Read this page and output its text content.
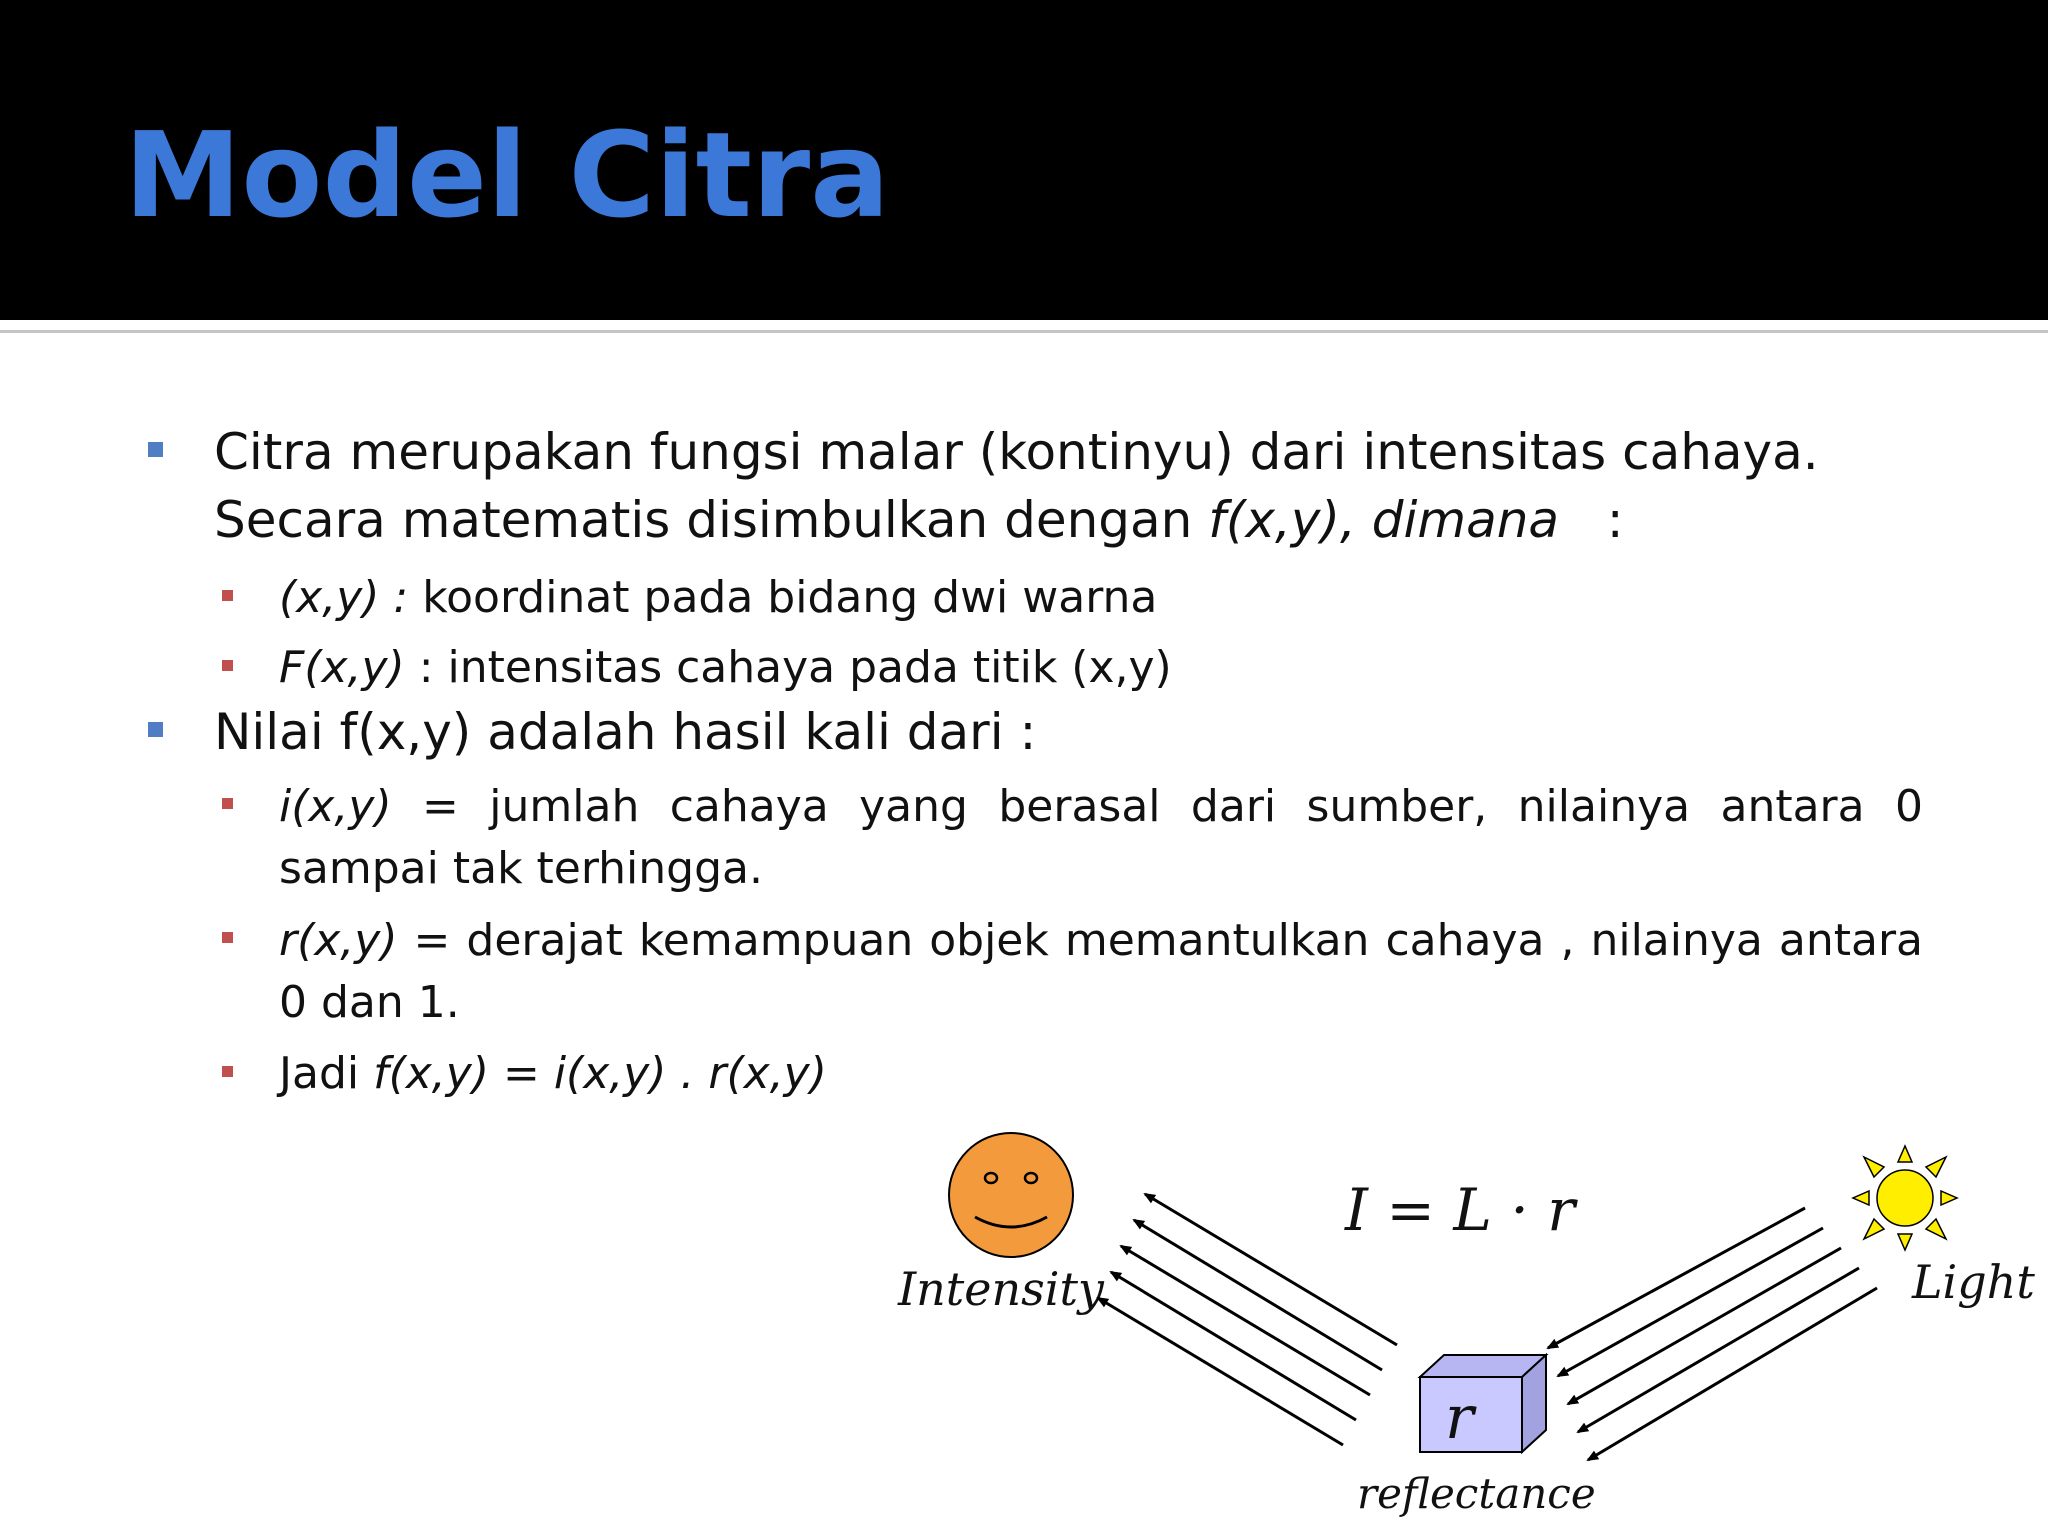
Model Citra
Citra merupakan fungsi malar (kontinyu) dari intensitas cahaya.
Secara matematis disimbulkan dengan f(x,y), dimana   :
(x,y) : koordinat pada bidang dwi warna
F(x,y) : intensitas cahaya pada titik (x,y)
Nilai f(x,y) adalah hasil kali dari :
i(x,y) = jumlah cahaya yang berasal dari sumber, nilainya antara 0 sampai tak terhingga.
r(x,y) = derajat kemampuan objek memantulkan cahaya , nilainya antara 0 dan 1.
Jadi f(x,y) = i(x,y) . r(x,y)
Intensity	Light
I = L · r
r
reflectance
